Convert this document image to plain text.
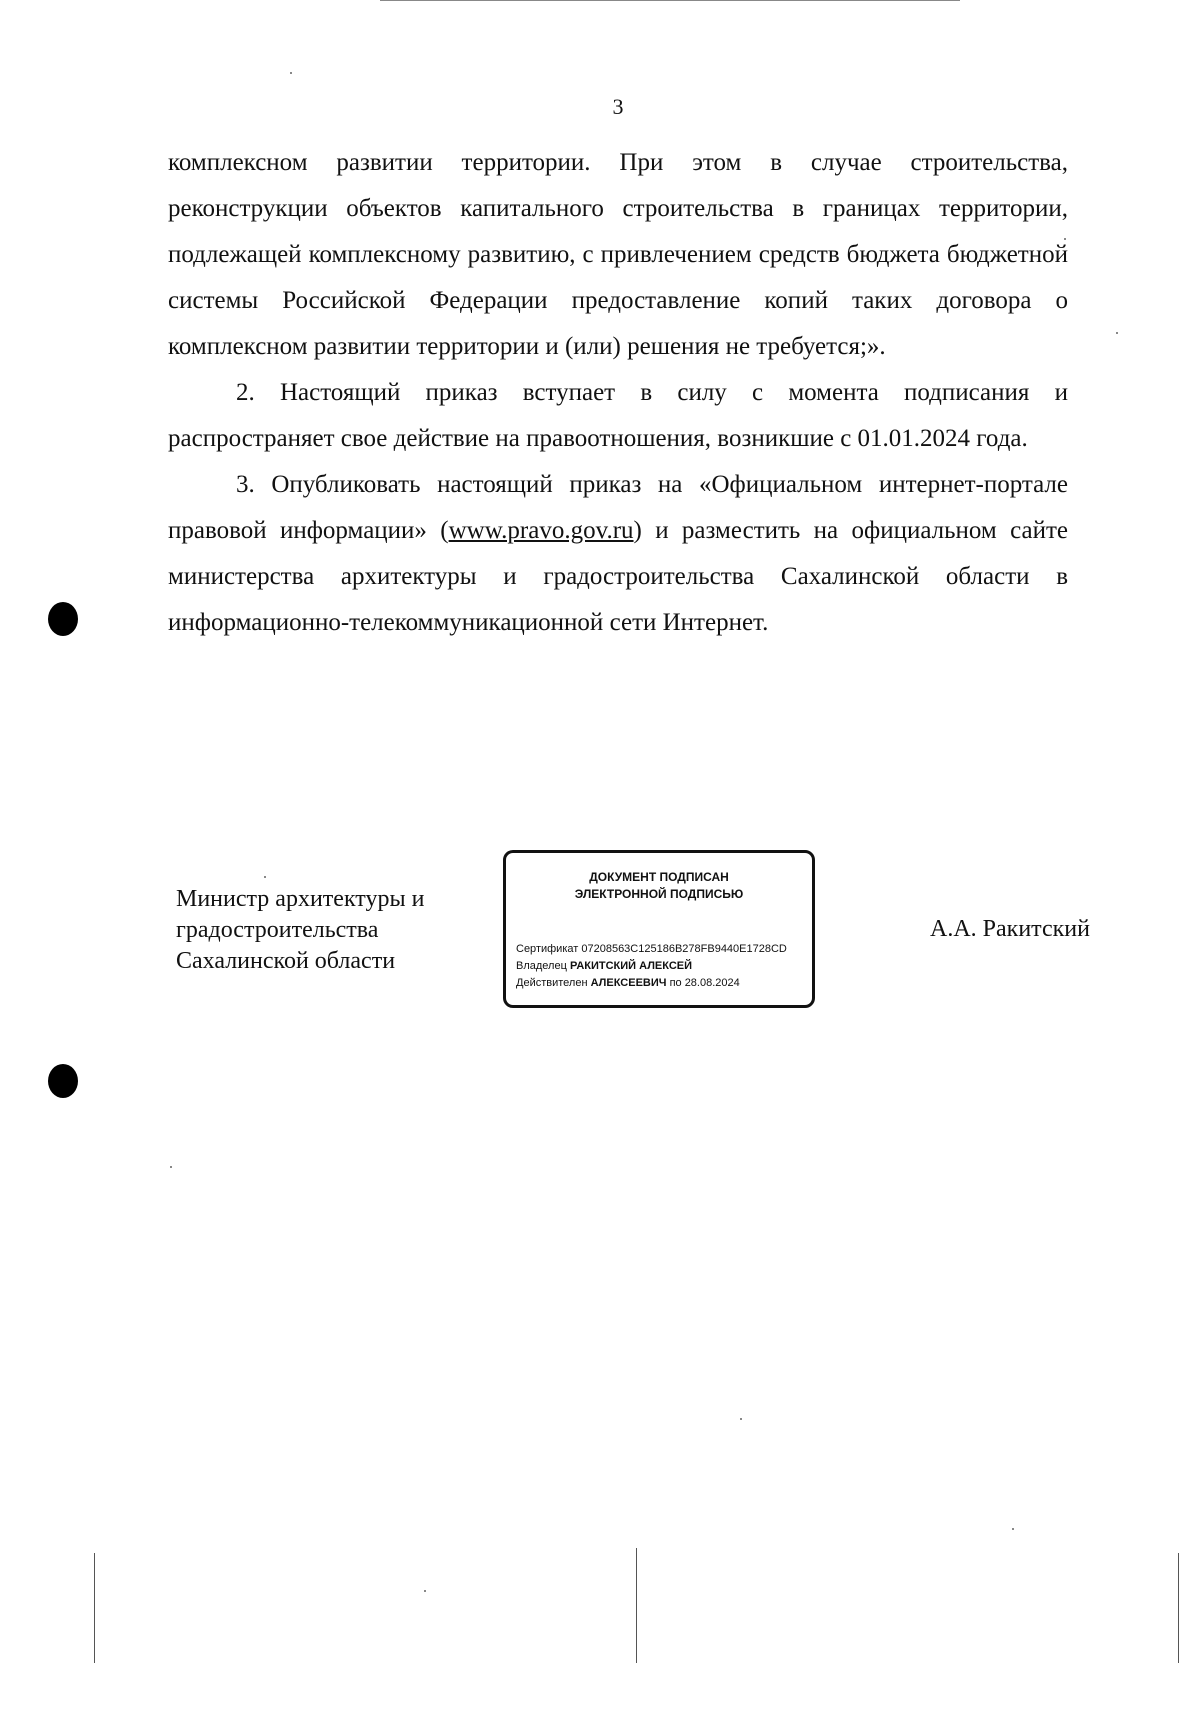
3

комплексном развитии территории. При этом в случае строительства, реконструкции объектов капитального строительства в границах территории, подлежащей комплексному развитию, с привлечением средств бюджета бюджетной системы Российской Федерации предоставление копий таких договора о комплексном развитии территории и (или) решения не требуется;».

2. Настоящий приказ вступает в силу с момента подписания и распространяет свое действие на правоотношения, возникшие с 01.01.2024 года.

3. Опубликовать настоящий приказ на «Официальном интернет-портале правовой информации» (www.pravo.gov.ru) и разместить на официальном сайте министерства архитектуры и градостроительства Сахалинской области в информационно-телекоммуникационной сети Интернет.

Министр архитектуры и
градостроительства
Сахалинской области
ДОКУМЕНТ ПОДПИСАН
ЭЛЕКТРОННОЙ ПОДПИСЬЮ
Сертификат 07208563C125186B278FB9440E1728CD
Владелец РАКИТСКИЙ АЛЕКСЕЙ
Действителен АЛЕКСЕЕВИЧ по 28.08.2024
А.А. Ракитский
